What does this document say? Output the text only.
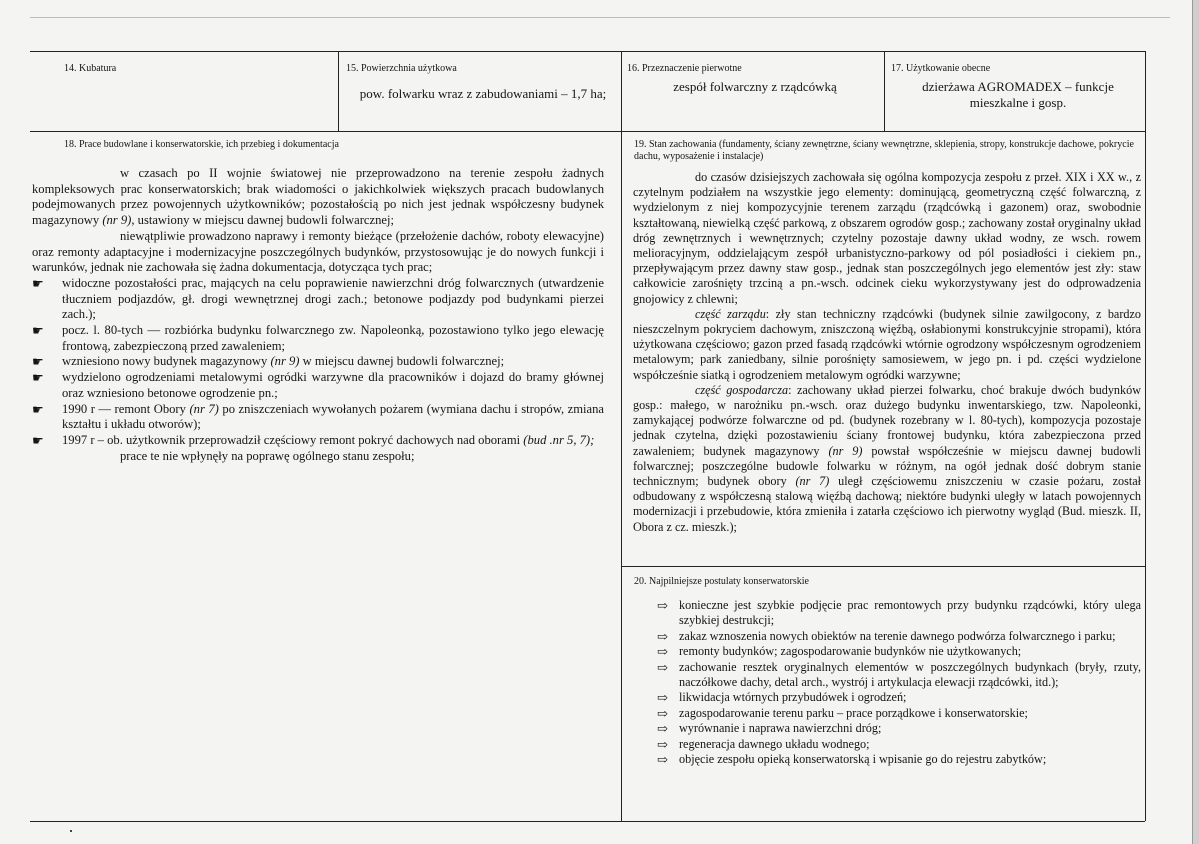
14. Kubatura	15. Powierzchnia użytkowa
pow. folwarku wraz z zabudowaniami – 1,7 ha;
16. Przeznaczenie pierwotne
zespół folwarczny z rządcówką
17. Użytkowanie obecne
dzierżawa AGROMADEX – funkcje mieszkalne i gosp.
18. Prace budowlane i konserwatorskie, ich przebieg i dokumentacja

w czasach po II wojnie światowej nie przeprowadzono na terenie zespołu żadnych kompleksowych prac konserwatorskich; brak wiadomości o jakichkolwiek większych pracach budowlanych podejmowanych przez powojennych użytkowników; pozostałością po nich jest jednak współczesny budynek magazynowy (nr 9), ustawiony w miejscu dawnej budowli folwarcznej;

niewątpliwie prowadzono naprawy i remonty bieżące (przełożenie dachów, roboty elewacyjne) oraz remonty adaptacyjne i modernizacyjne poszczególnych budynków, przystosowując je do nowych funkcji i warunków, jednak nie zachowała się żadna dokumentacja, dotycząca tych prac;

☛ widoczne pozostałości prac, mających na celu poprawienie nawierzchni dróg folwarcznych (utwardzenie tłuczniem podjazdów, gł. drogi wewnętrznej drogi zach.; betonowe podjazdy pod budynkami pierzei zach.);
☛ pocz. l. 80-tych — rozbiórka budynku folwarcznego zw. Napoleonką, pozostawiono tylko jego elewację frontową, zabezpieczoną przed zawaleniem;
☛ wzniesiono nowy budynek magazynowy (nr 9) w miejscu dawnej budowli folwarcznej;
☛ wydzielono ogrodzeniami metalowymi ogródki warzywne dla pracowników i dojazd do bramy głównej oraz wzniesiono betonowe ogrodzenie pn.;
☛ 1990 r — remont Obory (nr 7) po zniszczeniach wywołanych pożarem (wymiana dachu i stropów, zmiana kształtu i układu otworów);
☛ 1997 r – ob. użytkownik przeprowadził częściowy remont pokryć dachowych nad oborami (bud .nr 5, 7);

prace te nie wpłynęły na poprawę ogólnego stanu zespołu;

19. Stan zachowania (fundamenty, ściany zewnętrzne, ściany wewnętrzne, sklepienia, stropy, konstrukcje dachowe, pokrycie dachu, wyposażenie i instalacje)

do czasów dzisiejszych zachowała się ogólna kompozycja zespołu z przeł. XIX i XX w., z czytelnym podziałem na wszystkie jego elementy: dominującą, geometryczną część folwarczną, z wydzielonym z niej kompozycyjnie terenem zarządu (rządcówką i gazonem) oraz, swobodnie kształtowaną, niewielką część parkową, z obszarem ogrodów gosp.; zachowany został oryginalny układ dróg zewnętrznych i wewnętrznych; czytelny pozostaje dawny układ wodny, ze wsch. rowem melioracyjnym, oddzielającym zespół urbanistyczno-parkowy od pól posiadłości i ciekiem pn., przepływającym przez dawny staw gosp., jednak stan poszczególnych jego elementów jest zły: staw całkowicie zarośnięty trzciną a pn.-wsch. odcinek cieku wykorzystywany jest do odprowadzenia gnojowicy z chlewni;

część zarządu: zły stan techniczny rządcówki (budynek silnie zawilgocony, z bardzo nieszczelnym pokryciem dachowym, zniszczoną więźbą, osłabionymi konstrukcyjnie stropami), która użytkowana częściowo; gazon przed fasadą rządcówki wtórnie ogrodzony współczesnym ogrodzeniem metalowym; park zaniedbany, silnie porośnięty samosiewem, w jego pn. i pd. części wydzielone współcześnie siatką i ogrodzeniem metalowym ogródki warzywne;

część gospodarcza: zachowany układ pierzei folwarku, choć brakuje dwóch budynków gosp.: małego, w narożniku pn.-wsch. oraz dużego budynku inwentarskiego, tzw. Napoleonki, zamykającej podwórze folwarczne od pd. (budynek rozebrany w l. 80-tych), kompozycja pozostaje jednak czytelna, dzięki pozostawieniu ściany frontowej budynku, która zabezpieczona przed zawaleniem; budynek magazynowy (nr 9) powstał współcześnie w miejscu dawnej budowli folwarcznej; poszczególne budowle folwarku w różnym, na ogół jednak dość dobrym stanie technicznym; budynek obory (nr 7) uległ częściowemu zniszczeniu w czasie pożaru, został odbudowany z współczesną stalową więźbą dachową; niektóre budynki uległy w latach powojennych modernizacji i przebudowie, która zmieniła i zatarła częściowo ich pierwotny wygląd (Bud. mieszk. II, Obora z cz. mieszk.);

20. Najpilniejsze postulaty konserwatorskie
⇨ konieczne jest szybkie podjęcie prac remontowych przy budynku rządcówki, który ulega szybkiej destrukcji;
⇨ zakaz wznoszenia nowych obiektów na terenie dawnego podwórza folwarcznego i parku;
⇨ remonty budynków; zagospodarowanie budynków nie użytkowanych;
⇨ zachowanie resztek oryginalnych elementów w poszczególnych budynkach (bryły, rzuty, naczółkowe dachy, detal arch., wystrój i artykulacja elewacji rządcówki, itd.);
⇨ likwidacja wtórnych przybudówek i ogrodzeń;
⇨ zagospodarowanie terenu parku – prace porządkowe i konserwatorskie;
⇨ wyrównanie i naprawa nawierzchni dróg;
⇨ regeneracja dawnego układu wodnego;
⇨ objęcie zespołu opieką konserwatorską i wpisanie go do rejestru zabytków;
